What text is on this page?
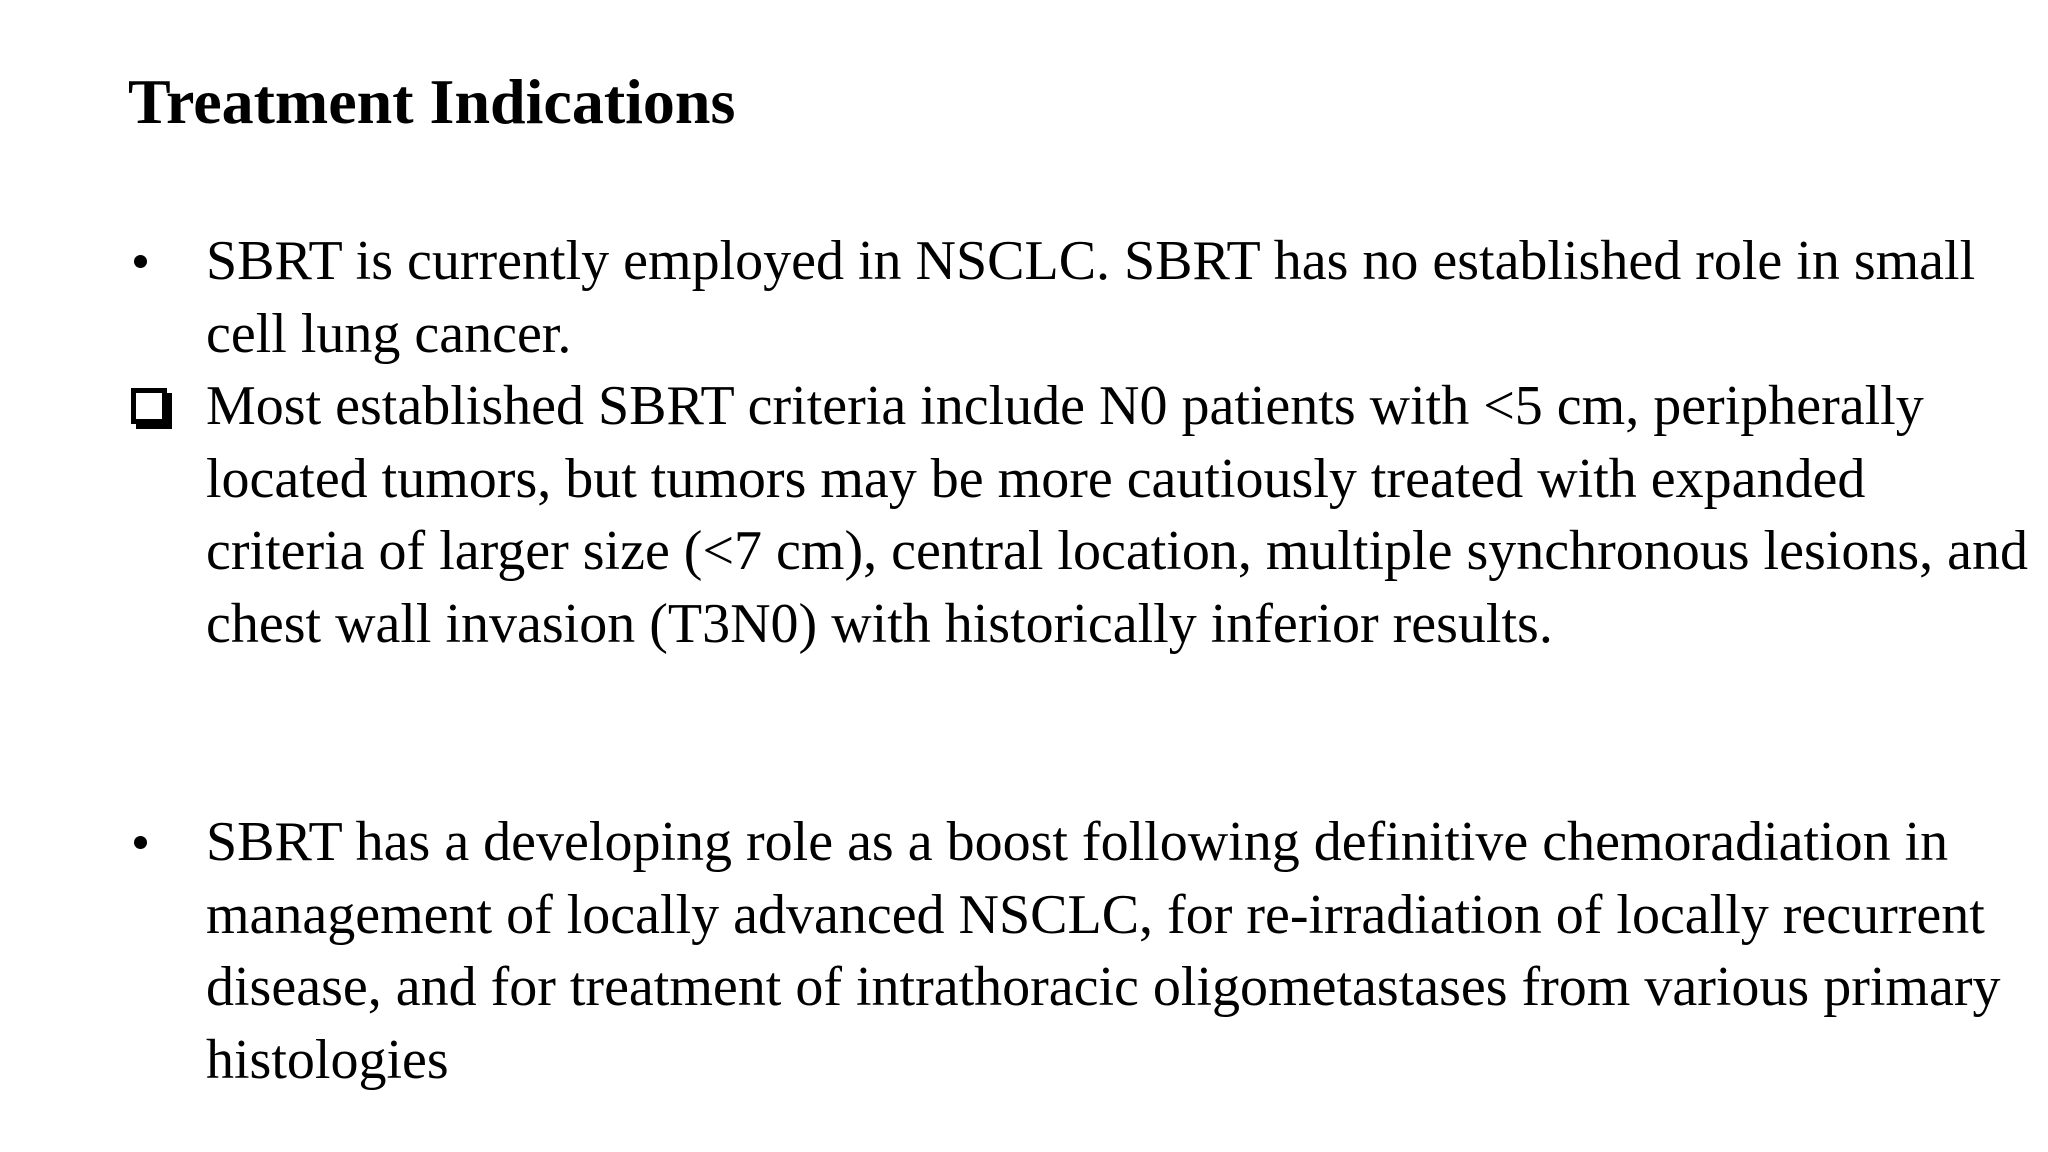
Treatment Indications
SBRT is currently employed in NSCLC. SBRT has no established role in small cell lung cancer.
Most established SBRT criteria include N0 patients with <5 cm, peripherally located tumors, but tumors may be more cautiously treated with expanded criteria of larger size (<7 cm), central location, multiple synchronous lesions, and chest wall invasion (T3N0) with historically inferior results.
SBRT has a developing role as a boost following definitive chemoradiation in management of locally advanced NSCLC, for re-irradiation of locally recurrent disease, and for treatment of intrathoracic oligometastases from various primary histologies
